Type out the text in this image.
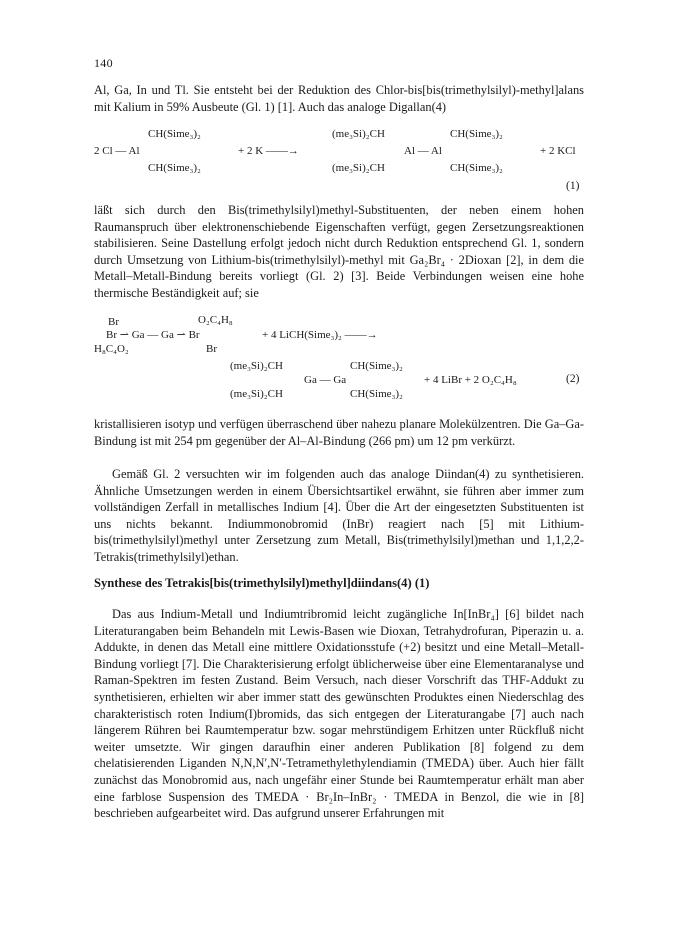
140

Al, Ga, In und Tl. Sie entsteht bei der Reduktion des Chlor-bis[bis(trimethylsilyl)-methyl]alans mit Kalium in 59% Ausbeute (Gl. 1) [1]. Auch das analoge Digallan(4)

CH(Sime₃)₂
2 Cl — Al
CH(Sime₃)₂
+ 2 K ——→
(me₃Si)₂CH
(me₃Si)₂CH
Al — Al
CH(Sime₃)₂
CH(Sime₃)₂
+ 2 KCl
(1)

läßt sich durch den Bis(trimethylsilyl)methyl-Substituenten, der neben einem hohen Raumanspruch über elektronenschiebende Eigenschaften verfügt, gegen Zersetzungsreaktionen stabilisieren. Seine Dastellung erfolgt jedoch nicht durch Reduktion entsprechend Gl. 1, sondern durch Umsetzung von Lithium-bis(trimethylsilyl)-methyl mit Ga₂Br₄ · 2Dioxan [2], in dem die Metall–Metall-Bindung bereits vorliegt (Gl. 2) [3]. Beide Verbindungen weisen eine hohe thermische Beständigkeit auf; sie

Br	O₂C₄H₈
Br ⇀ Ga — Ga ⇀ Br	+ 4 LiCH(Sime₃)₂ ——→
H₈C₄O₂	Br
(me₃Si)₂CH
(me₃Si)₂CH
Ga — Ga
CH(Sime₃)₂
CH(Sime₃)₂
+ 4 LiBr + 2 O₂C₄H₈	(2)

kristallisieren isotyp und verfügen überraschend über nahezu planare Molekülzentren. Die Ga–Ga-Bindung ist mit 254 pm gegenüber der Al–Al-Bindung (266 pm) um 12 pm verkürzt.

Gemäß Gl. 2 versuchten wir im folgenden auch das analoge Diindan(4) zu synthetisieren. Ähnliche Umsetzungen werden in einem Übersichtsartikel erwähnt, sie führen aber immer zum vollständigen Zerfall in metallisches Indium [4]. Über die Art der eingesetzten Substituenten ist uns nichts bekannt. Indiummonobromid (InBr) reagiert nach [5] mit Lithium-bis(trimethylsilyl)methyl unter Zersetzung zum Metall, Bis(trimethylsilyl)methan und 1,1,2,2-Tetrakis(trimethylsilyl)ethan.

Synthese des Tetrakis[bis(trimethylsilyl)methyl]diindans(4) (1)

Das aus Indium-Metall und Indiumtribromid leicht zugängliche In[InBr₄] [6] bildet nach Literaturangaben beim Behandeln mit Lewis-Basen wie Dioxan, Tetrahydrofuran, Piperazin u. a. Addukte, in denen das Metall eine mittlere Oxidationsstufe (+2) besitzt und eine Metall–Metall-Bindung vorliegt [7]. Die Charakterisierung erfolgt üblicherweise über eine Elementaranalyse und Raman-Spektren im festen Zustand. Beim Versuch, nach dieser Vorschrift das THF-Addukt zu synthetisieren, erhielten wir aber immer statt des gewünschten Produktes einen Niederschlag des charakteristisch roten Indium(I)bromids, das sich entgegen der Literaturangabe [7] auch nach längerem Rühren bei Raumtemperatur bzw. sogar mehrstündigem Erhitzen unter Rückfluß nicht weiter umsetzte. Wir gingen daraufhin einer anderen Publikation [8] folgend zu dem chelatisierenden Liganden N,N,N′,N′-Tetramethylethylendiamin (TMEDA) über. Auch hier fällt zunächst das Monobromid aus, nach ungefähr einer Stunde bei Raumtemperatur erhält man aber eine farblose Suspension des TMEDA · Br₂In–InBr₂ · TMEDA in Benzol, die wie in [8] beschrieben aufgearbeitet wird. Das aufgrund unserer Erfahrungen mit
